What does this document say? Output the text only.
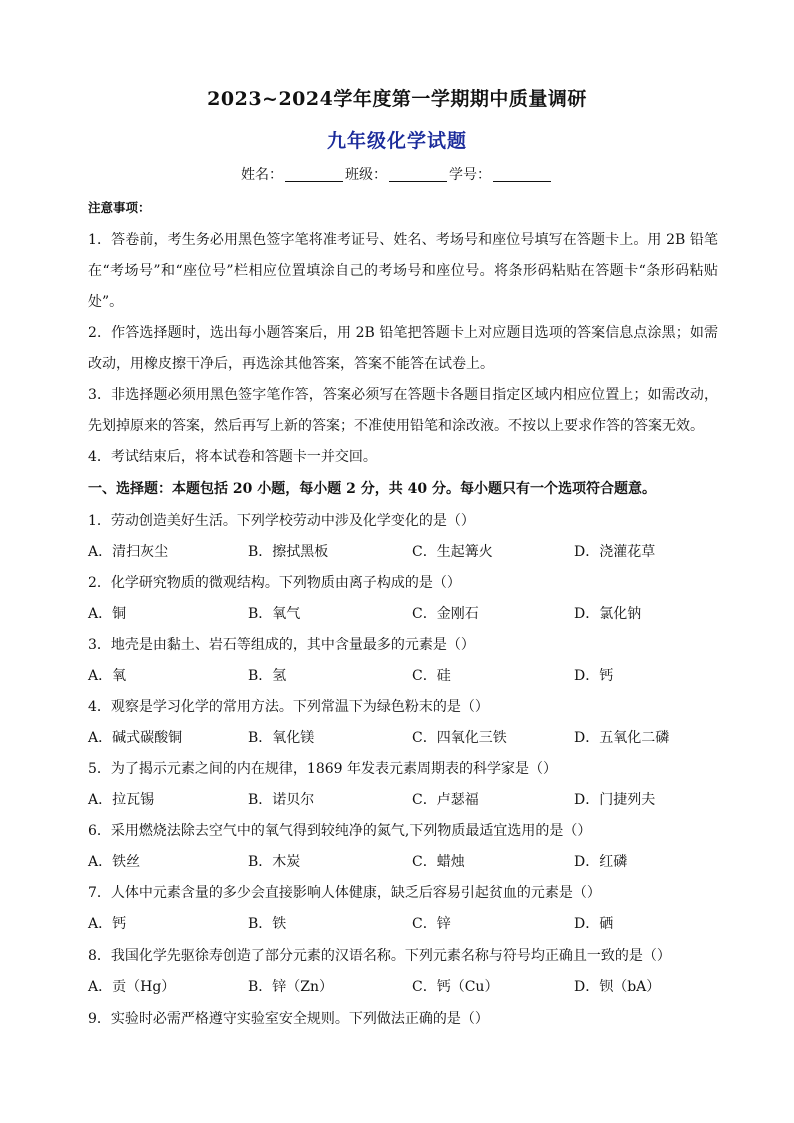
2023~2024学年度第一学期期中质量调研
九年级化学试题
姓名：	班级：	学号：
注意事项：
1．答卷前，考生务必用黑色签字笔将准考证号、姓名、考场号和座位号填写在答题卡上。用 2B 铅笔在“考场号”和“座位号”栏相应位置填涂自己的考场号和座位号。将条形码粘贴在答题卡“条形码粘贴处”。
2．作答选择题时，选出每小题答案后，用 2B 铅笔把答题卡上对应题目选项的答案信息点涂黑；如需改动，用橡皮擦干净后，再选涂其他答案，答案不能答在试卷上。
3．非选择题必须用黑色签字笔作答，答案必须写在答题卡各题目指定区域内相应位置上；如需改动，先划掉原来的答案，然后再写上新的答案；不准使用铅笔和涂改液。不按以上要求作答的答案无效。
4．考试结束后，将本试卷和答题卡一并交回。
一、选择题：本题包括 20 小题，每小题 2 分，共 40 分。每小题只有一个选项符合题意。
1．劳动创造美好生活。下列学校劳动中涉及化学变化的是（）
A．清扫灰尘	B．擦拭黑板	C．生起篝火	D．浇灌花草
2．化学研究物质的微观结构。下列物质由离子构成的是（）
A．铜	B．氧气	C．金刚石	D．氯化钠
3．地壳是由黏土、岩石等组成的，其中含量最多的元素是（）
A．氧	B．氢	C．硅	D．钙
4．观察是学习化学的常用方法。下列常温下为绿色粉末的是（）
A．碱式碳酸铜	B．氧化镁	C．四氧化三铁	D．五氧化二磷
5．为了揭示元素之间的内在规律，1869 年发表元素周期表的科学家是（）
A．拉瓦锡	B．诺贝尔	C．卢瑟福	D．门捷列夫
6．采用燃烧法除去空气中的氧气得到较纯净的氮气,下列物质最适宜选用的是（）
A．铁丝	B．木炭	C．蜡烛	D．红磷
7．人体中元素含量的多少会直接影响人体健康，缺乏后容易引起贫血的元素是（）
A．钙	B．铁	C．锌	D．硒
8．我国化学先驱徐寿创造了部分元素的汉语名称。下列元素名称与符号均正确且一致的是（）
A．贡（Hg）	B．锌（Zn）	C．钙（Cu）	D．钡（bA）
9．实验时必需严格遵守实验室安全规则。下列做法正确的是（）
